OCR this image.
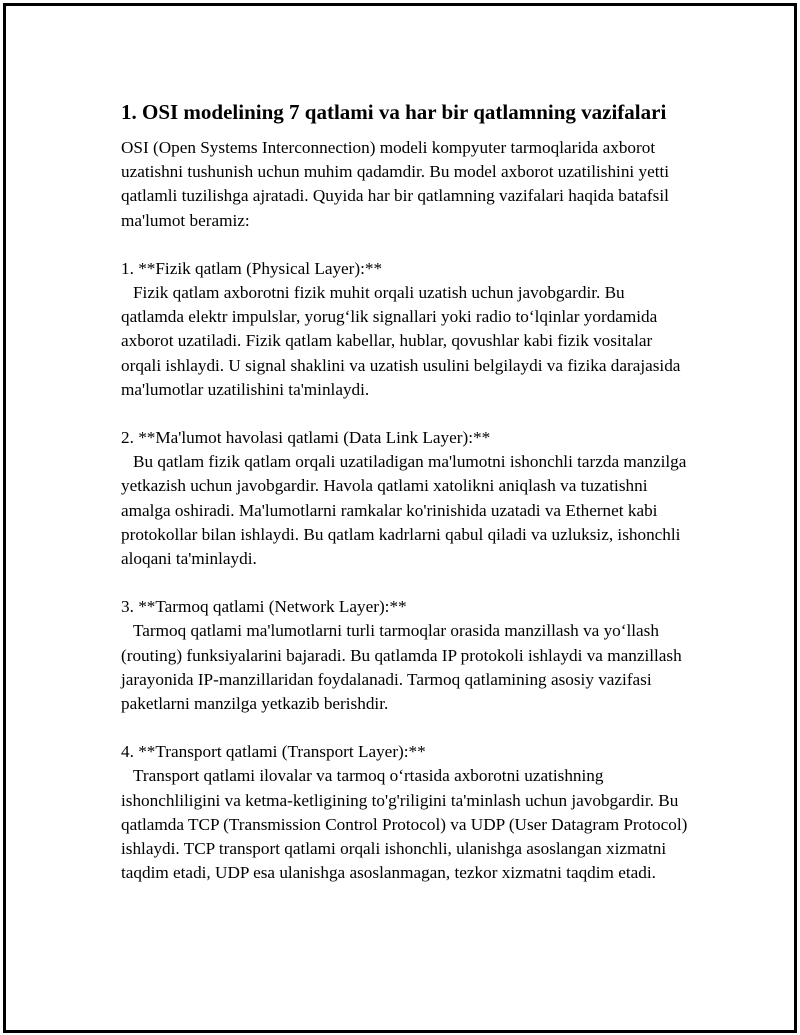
1. OSI modelining 7 qatlami va har bir qatlamning vazifalari
OSI (Open Systems Interconnection) modeli kompyuter tarmoqlarida axborot uzatishni tushunish uchun muhim qadamdir. Bu model axborot uzatilishini yetti qatlamli tuzilishga ajratadi. Quyida har bir qatlamning vazifalari haqida batafsil ma'lumot beramiz:
1. **Fizik qatlam (Physical Layer):**
Fizik qatlam axborotni fizik muhit orqali uzatish uchun javobgardir. Bu qatlamda elektr impulslar, yorug‘lik signallari yoki radio to‘lqinlar yordamida axborot uzatiladi. Fizik qatlam kabellar, hublar, qovushlar kabi fizik vositalar orqali ishlaydi. U signal shaklini va uzatish usulini belgilaydi va fizika darajasida ma'lumotlar uzatilishini ta'minlaydi.
2. **Ma'lumot havolasi qatlami (Data Link Layer):**
Bu qatlam fizik qatlam orqali uzatiladigan ma'lumotni ishonchli tarzda manzilga yetkazish uchun javobgardir. Havola qatlami xatolikni aniqlash va tuzatishni amalga oshiradi. Ma'lumotlarni ramkalar ko'rinishida uzatadi va Ethernet kabi protokollar bilan ishlaydi. Bu qatlam kadrlarni qabul qiladi va uzluksiz, ishonchli aloqani ta'minlaydi.
3. **Tarmoq qatlami (Network Layer):**
Tarmoq qatlami ma'lumotlarni turli tarmoqlar orasida manzillash va yo‘llash (routing) funksiyalarini bajaradi. Bu qatlamda IP protokoli ishlaydi va manzillash jarayonida IP-manzillaridan foydalanadi. Tarmoq qatlamining asosiy vazifasi paketlarni manzilga yetkazib berishdir.
4. **Transport qatlami (Transport Layer):**
Transport qatlami ilovalar va tarmoq o‘rtasida axborotni uzatishning ishonchliligini va ketma-ketligining to'g'riligini ta'minlash uchun javobgardir. Bu qatlamda TCP (Transmission Control Protocol) va UDP (User Datagram Protocol) ishlaydi. TCP transport qatlami orqali ishonchli, ulanishga asoslangan xizmatni taqdim etadi, UDP esa ulanishga asoslanmagan, tezkor xizmatni taqdim etadi.
